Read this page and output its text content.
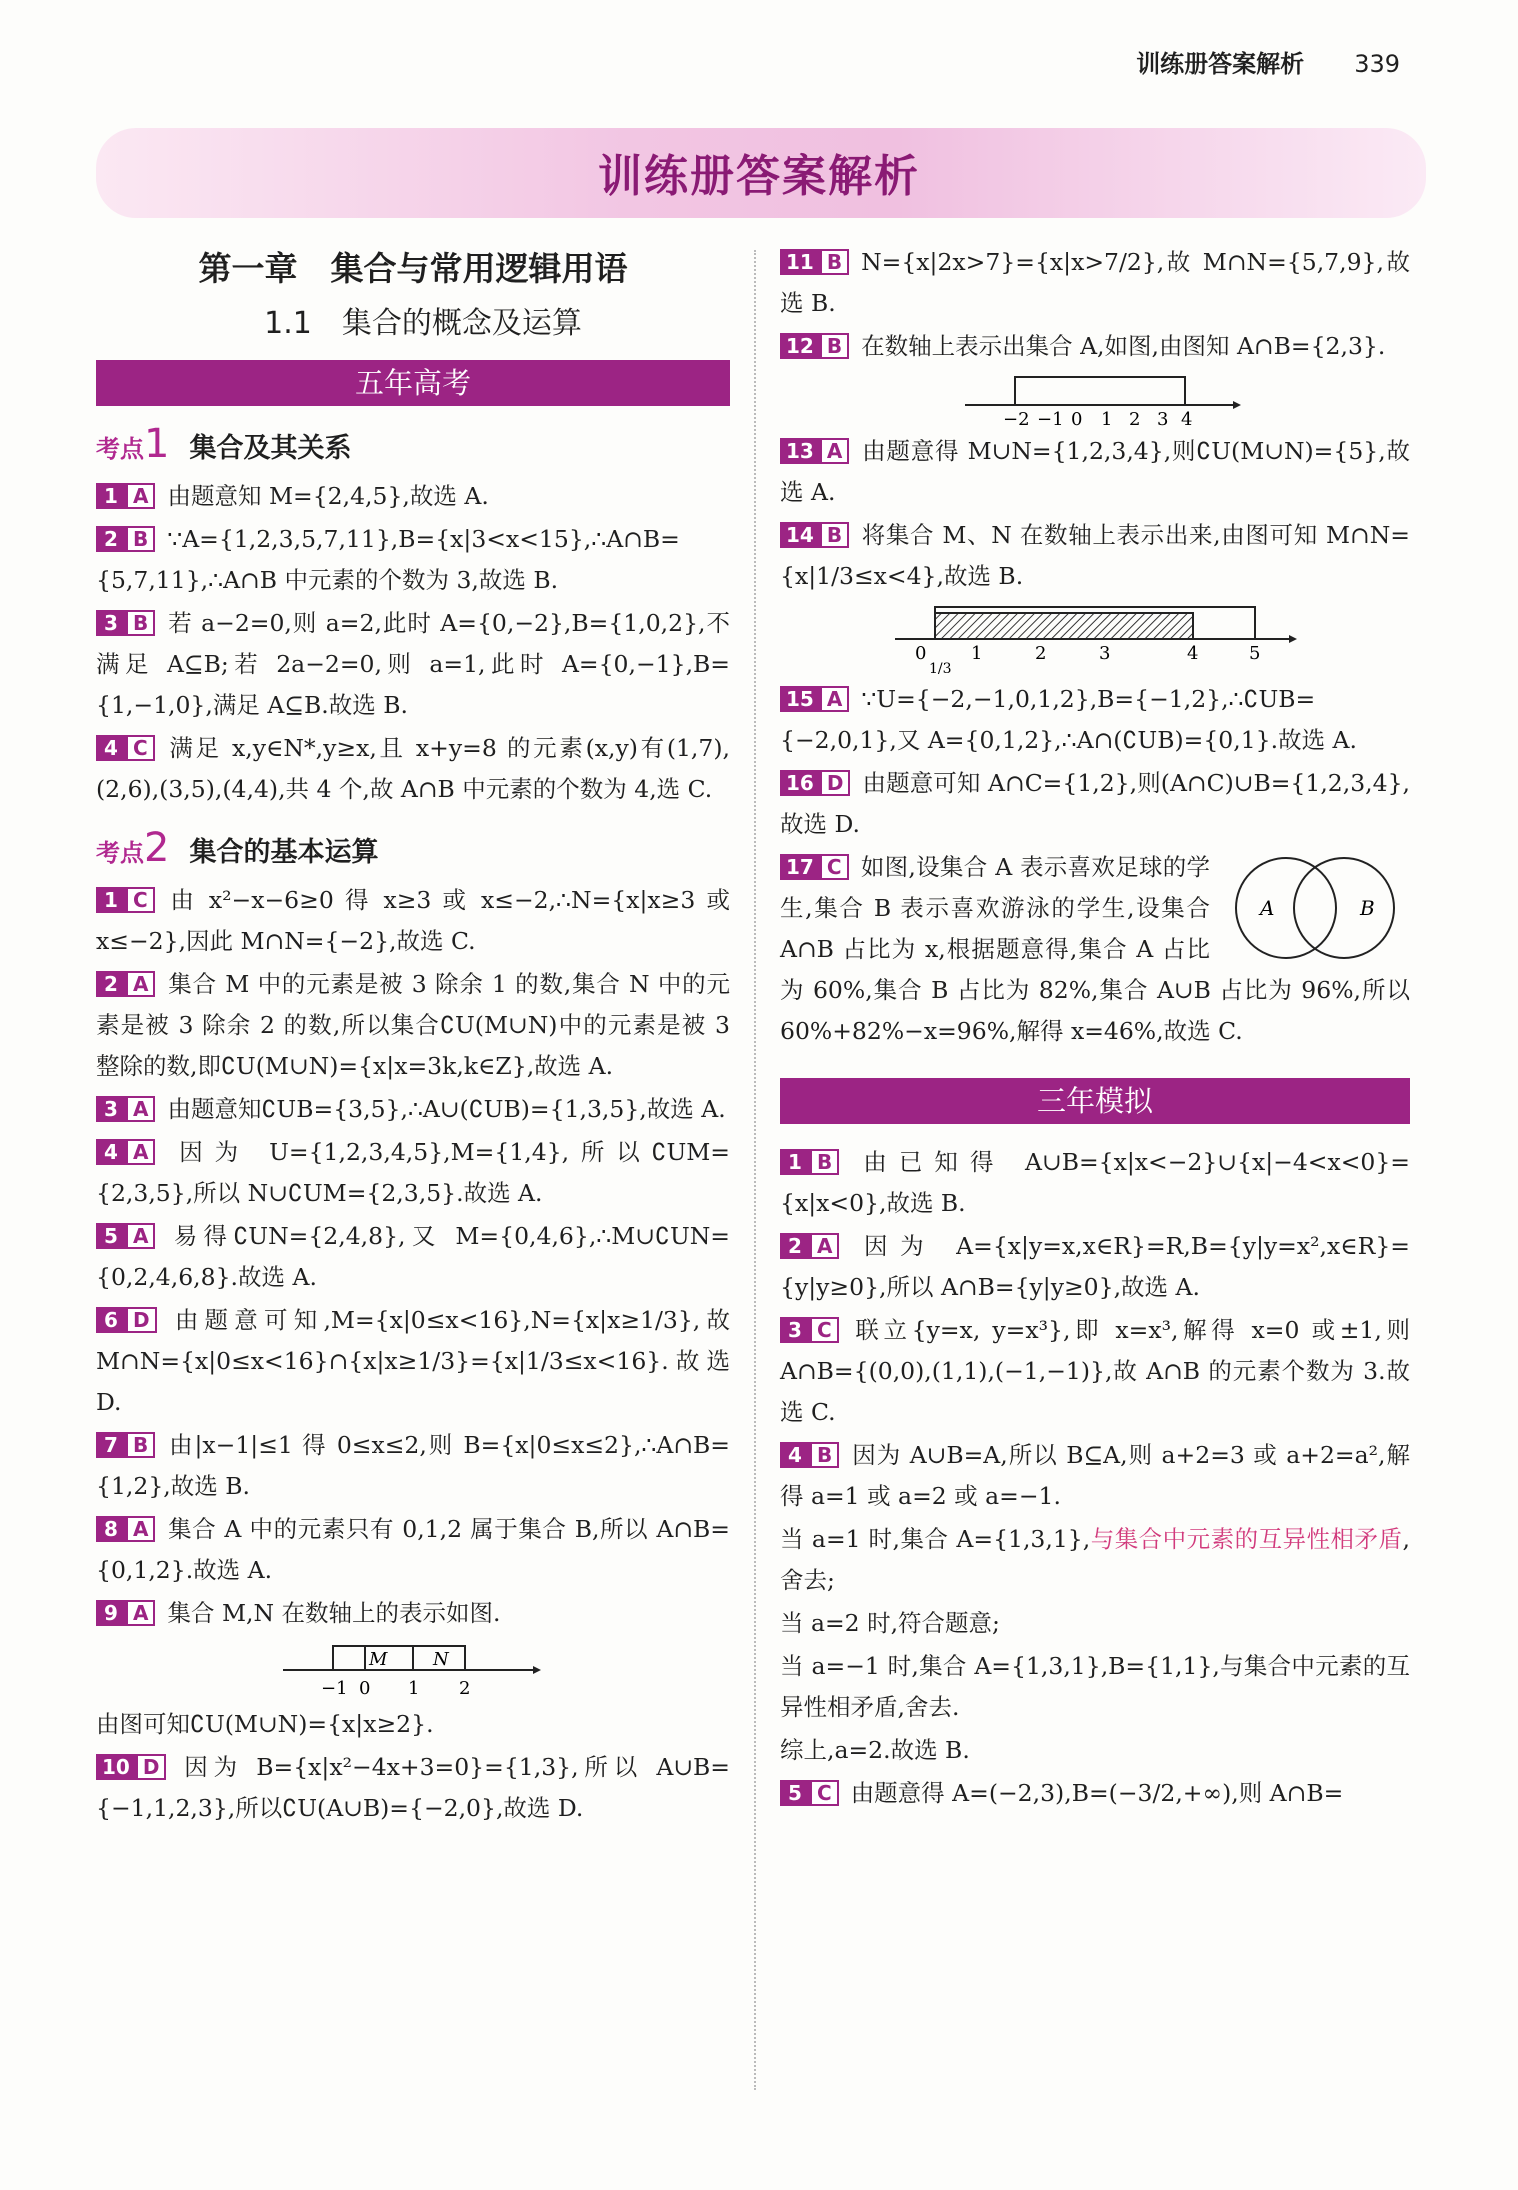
训练册答案解析 339
训练册答案解析
第一章　集合与常用逻辑用语
1.1　集合的概念及运算
五年高考
考点1 集合及其关系
1 A 由题意知 M={2,4,5},故选 A.
2 B ∵A={1,2,3,5,7,11},B={x|3<x<15},∴A∩B={5,7,11},∴A∩B 中元素的个数为 3,故选 B.
3 B 若 a−2=0,则 a=2,此时 A={0,−2},B={1,0,2},不满足 A⊆B;若 2a−2=0,则 a=1,此时 A={0,−1},B={1,−1,0},满足 A⊆B.故选 B.
4 C 满足 x,y∈N*,y≥x,且 x+y=8 的元素(x,y)有(1,7),(2,6),(3,5),(4,4),共 4 个,故 A∩B 中元素的个数为 4,选 C.
考点2 集合的基本运算
1 C 由 x²−x−6≥0 得 x≥3 或 x≤−2,∴N={x|x≥3 或 x≤−2},因此 M∩N={−2},故选 C.
2 A 集合 M 中的元素是被 3 除余 1 的数,集合 N 中的元素是被 3 除余 2 的数,所以集合∁U(M∪N)中的元素是被 3 整除的数,即∁U(M∪N)={x|x=3k,k∈Z},故选 A.
3 A 由题意知∁UB={3,5},∴A∪(∁UB)={1,3,5},故选 A.
4 A 因为 U={1,2,3,4,5},M={1,4},所以∁UM={2,3,5},所以 N∪∁UM={2,3,5}.故选 A.
5 A 易得∁UN={2,4,8},又 M={0,4,6},∴M∪∁UN={0,2,4,6,8}.故选 A.
6 D 由题意可知,M={x|0≤x<16},N={x|x≥1/3},故 M∩N={x|0≤x<16}∩{x|x≥1/3}={x|1/3≤x<16}.故选 D.
7 B 由|x−1|≤1 得 0≤x≤2,则 B={x|0≤x≤2},∴A∩B={1,2},故选 B.
8 A 集合 A 中的元素只有 0,1,2 属于集合 B,所以 A∩B={0,1,2}.故选 A.
9 A 集合 M,N 在数轴上的表示如图.
M	N
−1 0 1 2
由图可知∁U(M∪N)={x|x≥2}.
10 D 因为 B={x|x²−4x+3=0}={1,3},所以 A∪B={−1,1,2,3},所以∁U(A∪B)={−2,0},故选 D.
11 B N={x|2x>7}={x|x>7/2},故 M∩N={5,7,9},故选 B.
12 B 在数轴上表示出集合 A,如图,由图知 A∩B={2,3}.
−2 −1 0 1 2 3 4
13 A 由题意得 M∪N={1,2,3,4},则∁U(M∪N)={5},故选 A.
14 B 将集合 M、N 在数轴上表示出来,由图可知 M∩N={x|1/3≤x<4},故选 B.
0
1/3
1	2	3	4	5
15 A ∵U={−2,−1,0,1,2},B={−1,2},∴∁UB={−2,0,1},又 A={0,1,2},∴A∩(∁UB)={0,1}.故选 A.
16 D 由题意可知 A∩C={1,2},则(A∩C)∪B={1,2,3,4},故选 D.
A	B
17 C 如图,设集合 A 表示喜欢足球的学生,集合 B 表示喜欢游泳的学生,设集合 A∩B 占比为 x,根据题意得,集合 A 占比为 60%,集合 B 占比为 82%,集合 A∪B 占比为 96%,所以 60%+82%−x=96%,解得 x=46%,故选 C.
三年模拟
1 B 由已知得 A∪B={x|x<−2}∪{x|−4<x<0}={x|x<0},故选 B.
2 A 因为 A={x|y=x,x∈R}=R,B={y|y=x²,x∈R}={y|y≥0},所以 A∩B={y|y≥0},故选 A.
3 C 联立{y=x, y=x³},即 x=x³,解得 x=0 或±1,则 A∩B={(0,0),(1,1),(−1,−1)},故 A∩B 的元素个数为 3.故选 C.
4 B 因为 A∪B=A,所以 B⊆A,则 a+2=3 或 a+2=a²,解得 a=1 或 a=2 或 a=−1.
当 a=1 时,集合 A={1,3,1},与集合中元素的互异性相矛盾,舍去;
当 a=2 时,符合题意;
当 a=−1 时,集合 A={1,3,1},B={1,1},与集合中元素的互异性相矛盾,舍去.
综上,a=2.故选 B.
5 C 由题意得 A=(−2,3),B=(−3/2,+∞),则 A∩B=
